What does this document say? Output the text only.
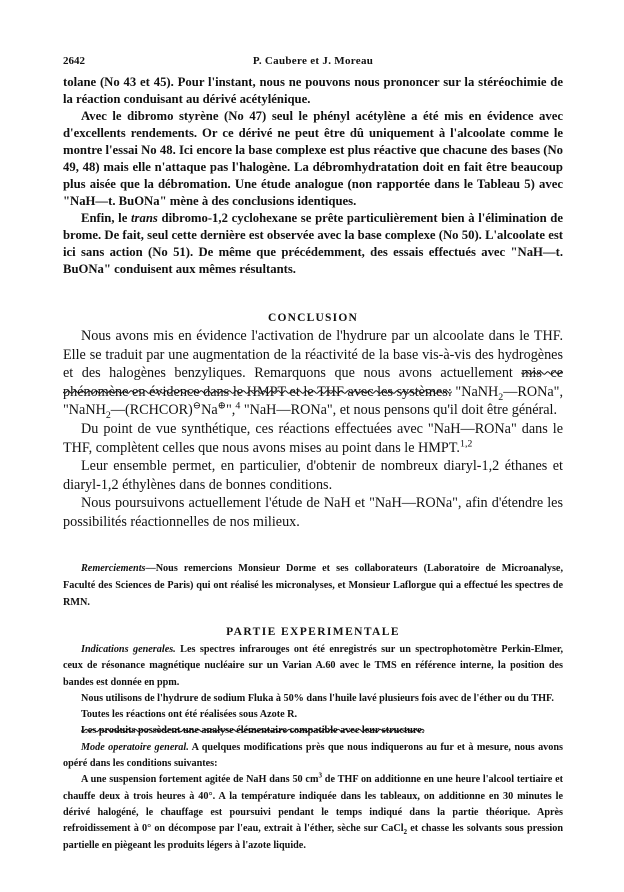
2642	P. Caubere et J. Moreau

tolane (No 43 et 45). Pour l'instant, nous ne pouvons nous prononcer sur la stéréochimie de la réaction conduisant au dérivé acétylénique.

Avec le dibromo styrène (No 47) seul le phényl acétylène a été mis en évidence avec d'excellents rendements. Or ce dérivé ne peut être dû uniquement à l'alcoolate comme le montre l'essai No 48. Ici encore la base complexe est plus réactive que chacune des bases (No 49, 48) mais elle n'attaque pas l'halogène. La débromhydratation doit en fait être beaucoup plus aisée que la débromation. Une étude analogue (non rapportée dans le Tableau 5) avec "NaH—t. BuONa" mène à des conclusions identiques.

Enfin, le trans dibromo-1,2 cyclohexane se prête particulièrement bien à l'élimination de brome. De fait, seul cette dernière est observée avec la base complexe (No 50). L'alcoolate est ici sans action (No 51). De même que précédemment, des essais effectués avec "NaH—t. BuONa" conduisent aux mêmes résultants.

CONCLUSION

Nous avons mis en évidence l'activation de l'hydrure par un alcoolate dans le THF. Elle se traduit par une augmentation de la réactivité de la base vis-à-vis des hydrogènes et des halogènes benzyliques. Remarquons que nous avons actuellement mis ce phénomène en évidence dans le HMPT et le THF avec les systèmes: "NaNH$_2$—RONa", "NaNH$_2$—(RCHCOR)⊖Na⊕",$^4$ "NaH—RONa", et nous pensons qu'il doit être général.

Du point de vue synthétique, ces réactions effectuées avec "NaH—RONa" dans le THF, complètent celles que nous avons mises au point dans le HMPT.$^{1,2}$

Leur ensemble permet, en particulier, d'obtenir de nombreux diaryl-1,2 éthanes et diaryl-1,2 éthylènes dans de bonnes conditions.

Nous poursuivons actuellement l'étude de NaH et "NaH—RONa", afin d'étendre les possibilités réactionnelles de nos milieux.

Remerciements—Nous remercions Monsieur Dorme et ses collaborateurs (Laboratoire de Microanalyse, Faculté des Sciences de Paris) qui ont réalisé les micronalyses, et Monsieur Laflorgue qui a effectué les spectres de RMN.

PARTIE EXPERIMENTALE

Indications generales. Les spectres infrarouges ont été enregistrés sur un spectrophotomètre Perkin-Elmer, ceux de résonance magnétique nucléaire sur un Varian A.60 avec le TMS en référence interne, la position des bandes est donnée en ppm.

Nous utilisons de l'hydrure de sodium Fluka à 50% dans l'huile lavé plusieurs fois avec de l'éther ou du THF.

Toutes les réactions ont été réalisées sous Azote R.

Les produits possèdent une analyse élémentaire compatible avec leur structure.

Mode operatoire general. A quelques modifications près que nous indiquerons au fur et à mesure, nous avons opéré dans les conditions suivantes:

A une suspension fortement agitée de NaH dans 50 $cm^3$ de THF on additionne en une heure l'alcool tertiaire et chauffe deux à trois heures à 40°. A la température indiquée dans les tableaux, on additionne en 30 minutes le dérivé halogéné, le chauffage est poursuivi pendant le temps indiqué dans la partie théorique. Après refroidissement à 0° on décompose par l'eau, extrait à l'éther, sèche sur CaCl$_2$ et chasse les solvants sous pression partielle en piègeant les produits légers à l'azote liquide.
